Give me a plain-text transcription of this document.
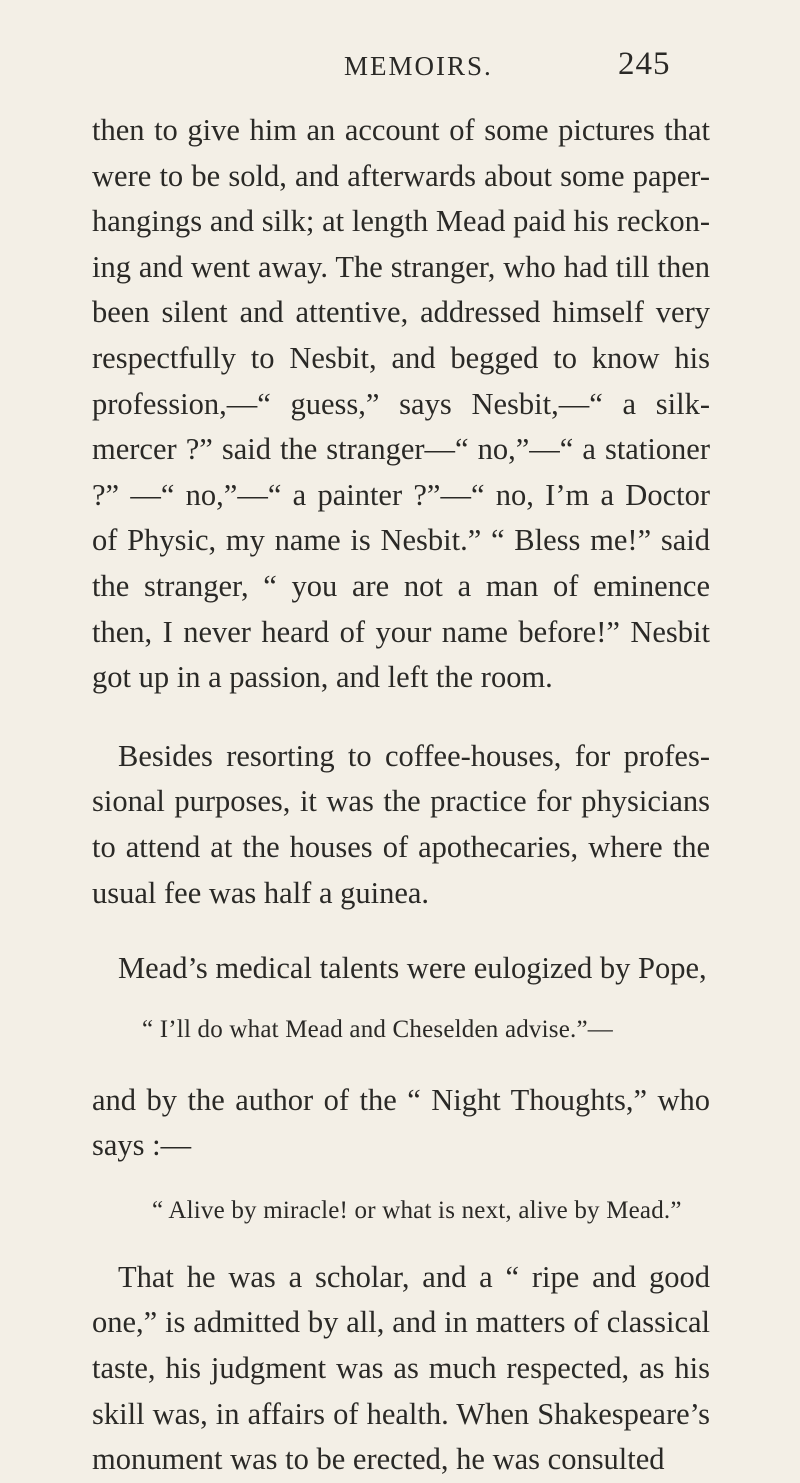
MEMOIRS.	245

then to give him an account of some pictures that were to be sold, and afterwards about some paper-hangings and silk; at length Mead paid his reckon-ing and went away. The stranger, who had till then been silent and attentive, addressed himself very respectfully to Nesbit, and begged to know his profession,—“ guess,” says Nesbit,—“ a silk-mercer ?” said the stranger—“ no,”—“ a stationer ?” —“ no,”—“ a painter ?”—“ no, I’m a Doctor of Physic, my name is Nesbit.” “ Bless me!” said the stranger, “ you are not a man of eminence then, I never heard of your name before!” Nesbit got up in a passion, and left the room.

Besides resorting to coffee-houses, for profes-sional purposes, it was the practice for physicians to attend at the houses of apothecaries, where the usual fee was half a guinea.

Mead’s medical talents were eulogized by Pope,

“ I’ll do what Mead and Cheselden advise.”—

and by the author of the “ Night Thoughts,” who says :—

“ Alive by miracle! or what is next, alive by Mead.”

That he was a scholar, and a “ ripe and good one,” is admitted by all, and in matters of classical taste, his judgment was as much respected, as his skill was, in affairs of health. When Shakespeare’s monument was to be erected, he was consulted
